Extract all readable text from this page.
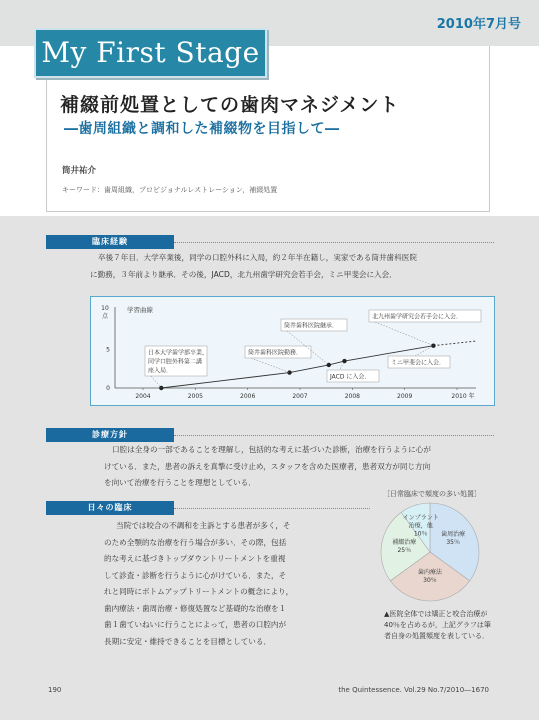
2010年7月号
My First Stage
補綴前処置としての歯肉マネジメント
―歯周組織と調和した補綴物を目指して―
筒井祐介
キーワード：歯周組織，プロビジョナルレストレーション，補綴処置
臨床経験
卒後７年目．大学卒業後，同学の口腔外科に入局，約２年半在籍し，実家である筒井歯科医院
に勤務，３年前より継承．その後，JACD，北九州歯学研究会若手会，ミニ甲斐会に入会．
10
点
5
0
学習曲線
2004	2005	2006	2007	2008	2009	2010 年
日本大学歯学部卒業，
同学口腔外科第二講
座入局．
筒井歯科医院勤務．
筒井歯科医院継承．
JACD に入会．
北九州歯学研究会若手会に入会．
ミニ甲斐会に入会．
診療方針
口腔は全身の一部であることを理解し，包括的な考えに基づいた診断，治療を行うように心が
けている．また，患者の訴えを真摯に受け止め，スタッフを含めた医療者，患者双方が同じ方向
を向いて治療を行うことを理想としている．
日々の臨床
当院では咬合の不調和を主訴とする患者が多く，そ
のため全顎的な治療を行う場合が多い．その際，包括
的な考えに基づきトップダウントリートメントを重視
して診査・診断を行うように心がけている．また，そ
れと同時にボトムアップトリートメントの概念により，
歯内療法・歯周治療・修復処置など基礎的な治療を１
歯１歯ていねいに行うことによって，患者の口腔内が
長期に安定・維持できることを目標としている．
［日常臨床で頻度の多い処置］
歯周治療
35％
歯内療法
30％
補綴治療
25％
インプラント
治療，他
10％
▲医院全体では矯正と咬合治療が40％を占めるが，上記グラフは筆者自身の処置頻度を表している．
190	the Quintessence. Vol.29 No.7/2010―1670
